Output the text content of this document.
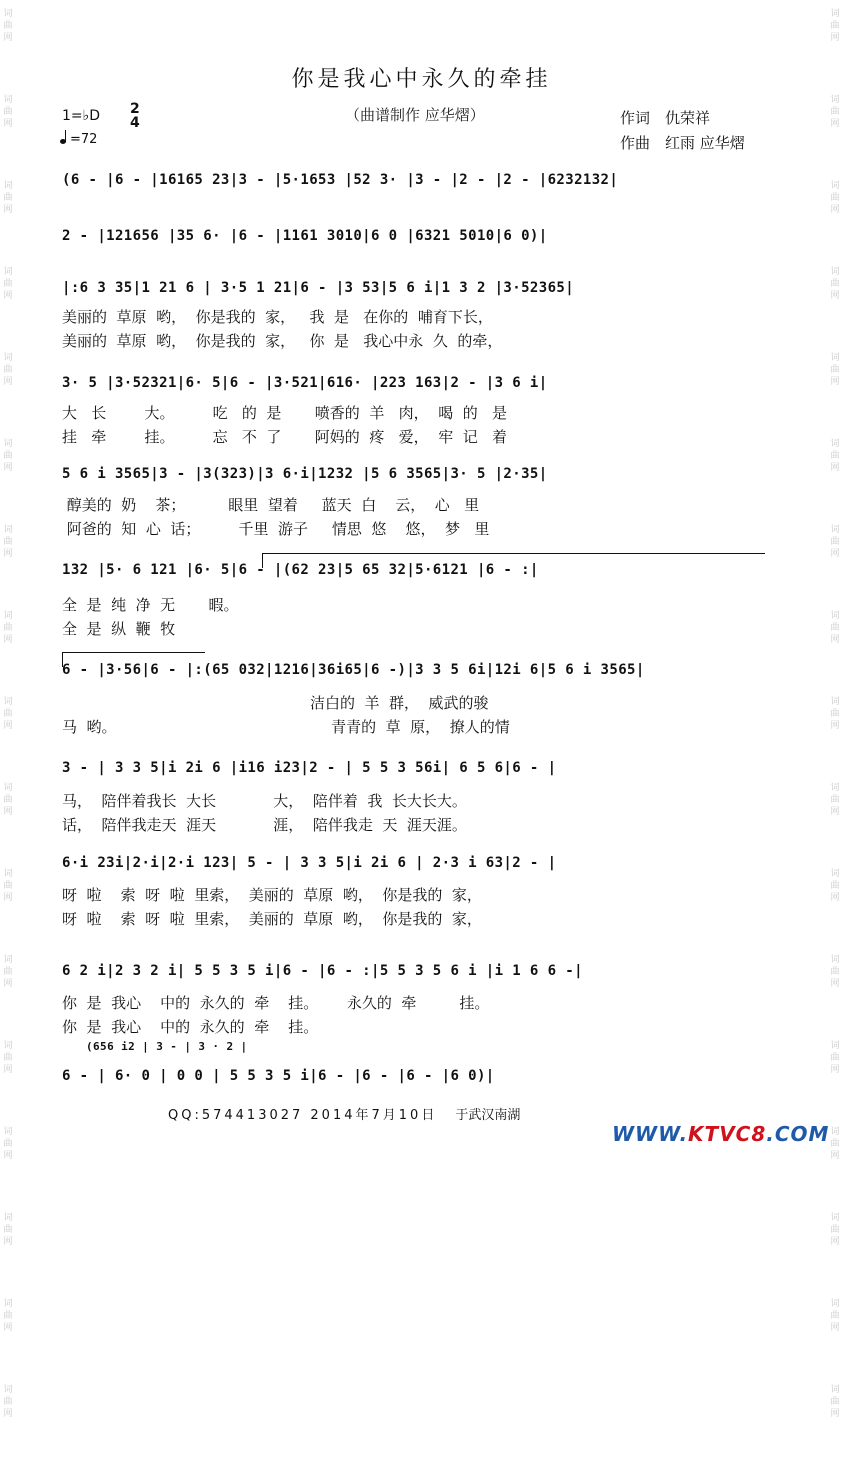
词
曲
网
词
曲
网
词
曲
网
词
曲
网
词
曲
网
词
曲
网
词
曲
网
词
曲
网
词
曲
网
词
曲
网
词
曲
网
词
曲
网
词
曲
网
词
曲
网
词
曲
网
词
曲
网
词
曲
网
词
曲
网
词
曲
网
词
曲
网
词
曲
网
词
曲
网
词
曲
网
词
曲
网
词
曲
网
词
曲
网
词
曲
网
词
曲
网
词
曲
网
词
曲
网
词
曲
网
词
曲
网
词
曲
网
词
曲
网
你是我心中永久的牵挂
（曲谱制作 应华熠）	作词　仇荣祥
作曲　红雨 应华熠
1=♭D 2
4
=72
(6 - |6 - |16165 23|3 - |5·1653 |52 3· |3 - |2 - |2 - |6232132|
2 - |121656 |35 6· |6 - |1161 3010|6 0 |6321 5010|6 0)|
|:6 3 35|1 21 6 | 3·5 1 21|6 - |3 53|5 6 i|1 3 2 |3·52365|
3· 5 |3·52321|6· 5|6 - |3·521|616· |223 163|2 - |3 6 i|
5 6 i 3565|3 - |3(323)|3 6·i|1232 |5 6 3565|3· 5 |2·35|
132 |5· 6 121 |6· 5|6 - |(62 23|5 65 32|5·6121 |6 - :|
6 - |3·56|6 - |:(65 032|1216|36i65|6 -)|3 3 5 6i|12i 6|5 6 i 3565|
3 - | 3 3 5|i 2i 6 |i16 i23|2 - | 5 5 3 56i| 6 5 6|6 - |
6·i 23i|2·i|2·i 123| 5 - | 3 3 5|i 2i 6 | 2·3 i 63|2 - |
6 2 i|2 3 2 i| 5 5 3 5 i|6 - |6 - :|5 5 3 5 6 i |i 1 6 6 -|
6 - | 6· 0 | 0 0 | 5 5 3 5 i|6 - |6 - |6 - |6 0)|
(656 i2 | 3 - | 3 · 2 |
美丽的  草原  哟，  你是我的  家，   我  是   在你的  哺育下长，
美丽的  草原  哟，  你是我的  家，   你  是   我心中永  久  的牵，
大   长        大。        吃   的  是       喷香的  羊   肉，  喝  的   是
挂   牵        挂。        忘   不  了       阿妈的  疼   爱，  牢  记   着
醇美的  奶    茶；         眼里  望着     蓝天  白    云，  心   里
阿爸的  知  心  话；        千里  游子     情思  悠    悠，  梦   里
全  是  纯  净  无       暇。
全  是  纵  鞭  牧
洁白的  羊  群，  威武的骏
马  哟。                                             青青的  草  原，  撩人的情
马，  陪伴着我长  大长            大，  陪伴着  我  长大长大。
话，  陪伴我走天  涯天            涯，  陪伴我走  天  涯天涯。
呀  啦    索  呀  啦  里索，  美丽的  草原  哟，  你是我的  家，
呀  啦    索  呀  啦  里索，  美丽的  草原  哟，  你是我的  家，
你  是  我心    中的  永久的  牵    挂。      永久的  牵         挂。
你  是  我心    中的  永久的  牵    挂。
QQ:574413027 2014年7月10日 于武汉南湖
WWW.KTVC8.COM
